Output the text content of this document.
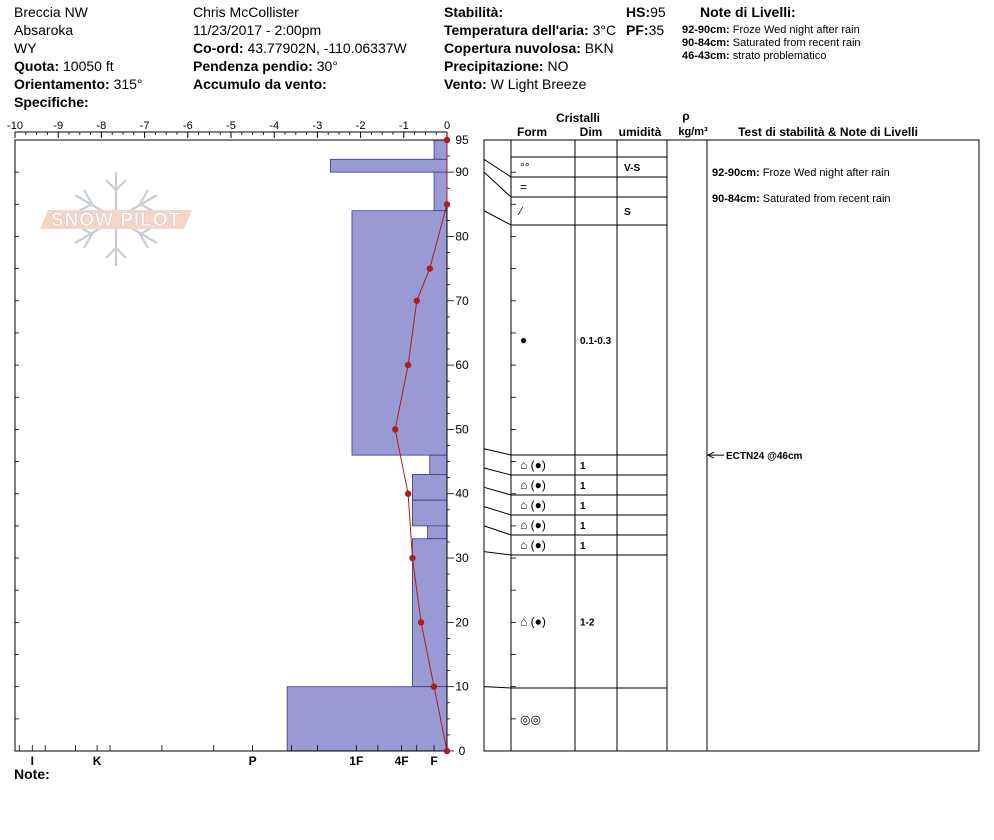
Breccia NW
Absaroka
WY
Quota: 10050 ft
Orientamento: 315°
Specifiche:
Chris McCollister
11/23/2017 - 2:00pm
Co-ord: 43.77902N, -110.06337W
Pendenza pendio: 30°
Accumulo da vento:
Stabilità:
Temperatura dell'aria: 3°C
Copertura nuvolosa: BKN
Precipitazione: NO
Vento: W Light Breeze
HS:95
PF:35
Note di Livelli:
92-90cm: Froze Wed night after rain
90-84cm: Saturated from recent rain
46-43cm: strato problematico
SNOW PILOT
-10	-9	-8	-7	-6	-5	-4	-3	-2	-1	0
0
10
20
30
40
50
60
70
80
90
95
I	K	P	1F	4F F
Cristalli
Form	Dim umidità
ρ
kg/m³	Test di stabilità & Note di Livelli
°°	V-S
=
⁄	S
●	0.1-0.3
⌂ (●)	1
⌂ (●)	1
⌂ (●)	1
⌂ (●)	1
⌂ (●)	1
⌂ (●)	1-2
◎◎
92-90cm: Froze Wed night after rain
90-84cm: Saturated from recent rain
ECTN24 @46cm
Note:
